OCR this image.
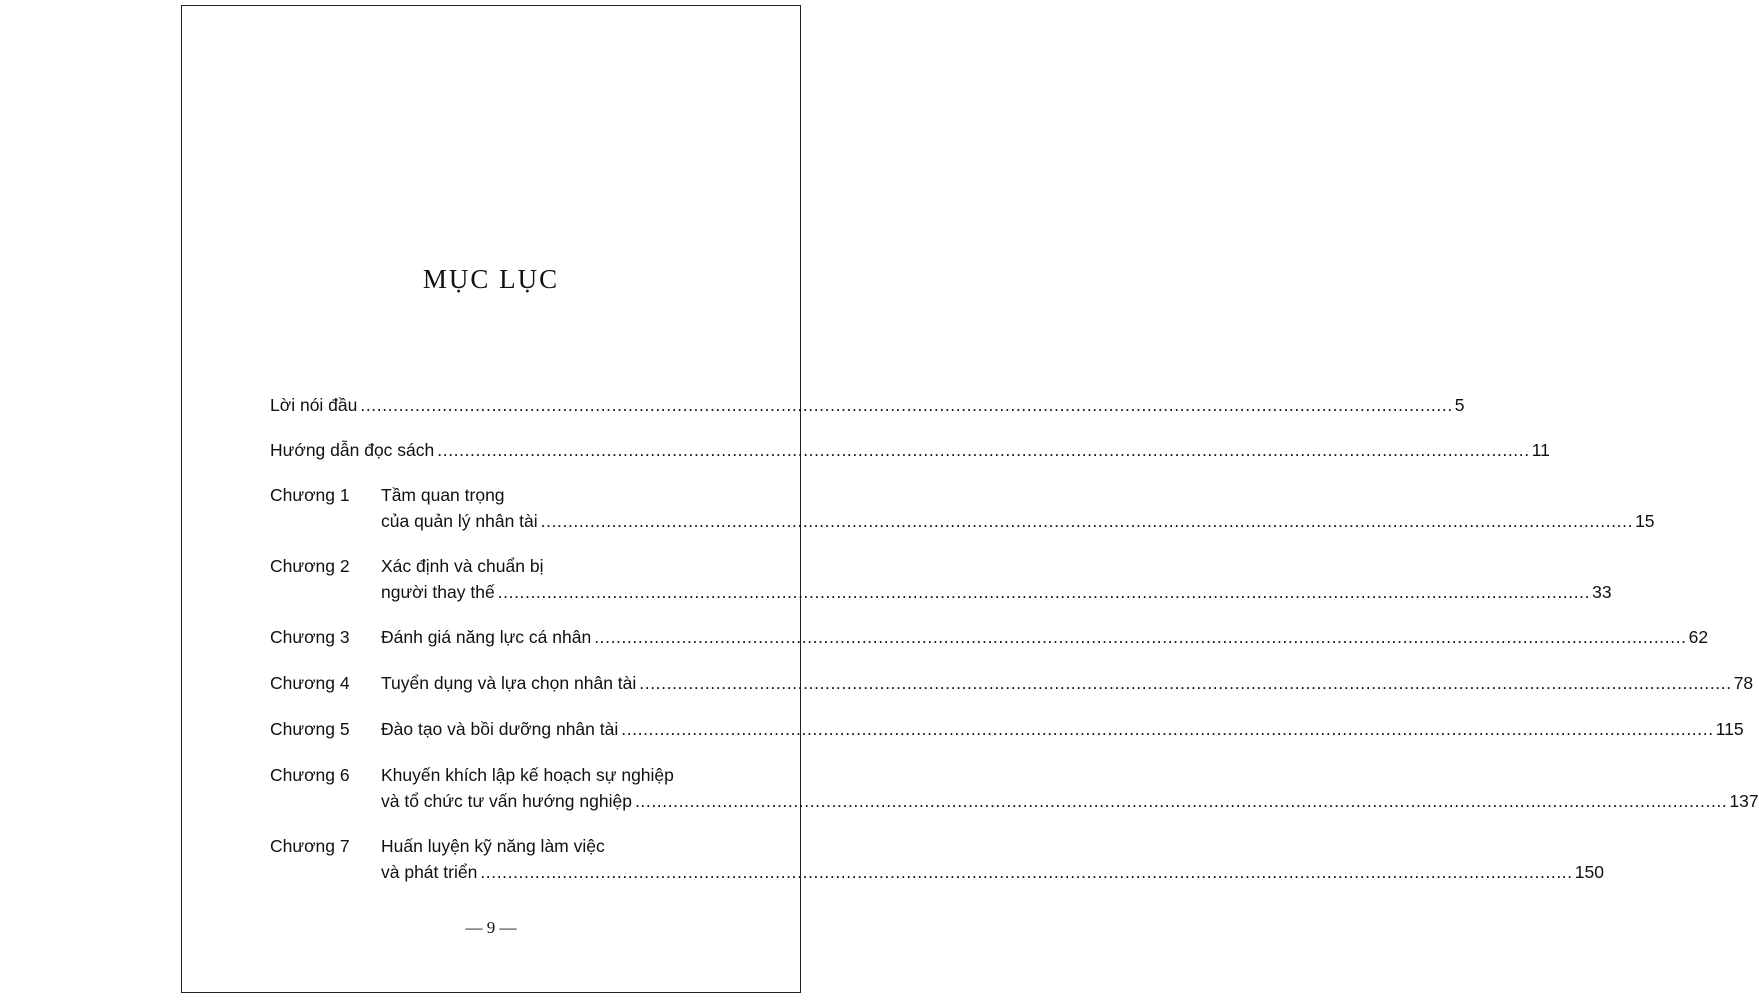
MỤC LỤC
Lời nói đầu .....	5
Hướng dẫn đọc sách .....	11
Chương 1	Tầm quan trọng
của quản lý nhân tài .....	15
Chương 2	Xác định và chuẩn bị
người thay thế .....	33
Chương 3	Đánh giá năng lực cá nhân .....	62
Chương 4	Tuyển dụng và lựa chọn nhân tài .....	78
Chương 5	Đào tạo và bồi dưỡng nhân tài .....	115
Chương 6	Khuyến khích lập kế hoạch sự nghiệp
và tổ chức tư vấn hướng nghiệp .....	137
Chương 7	Huấn luyện kỹ năng làm việc
và phát triển .....	150
— 9 —
